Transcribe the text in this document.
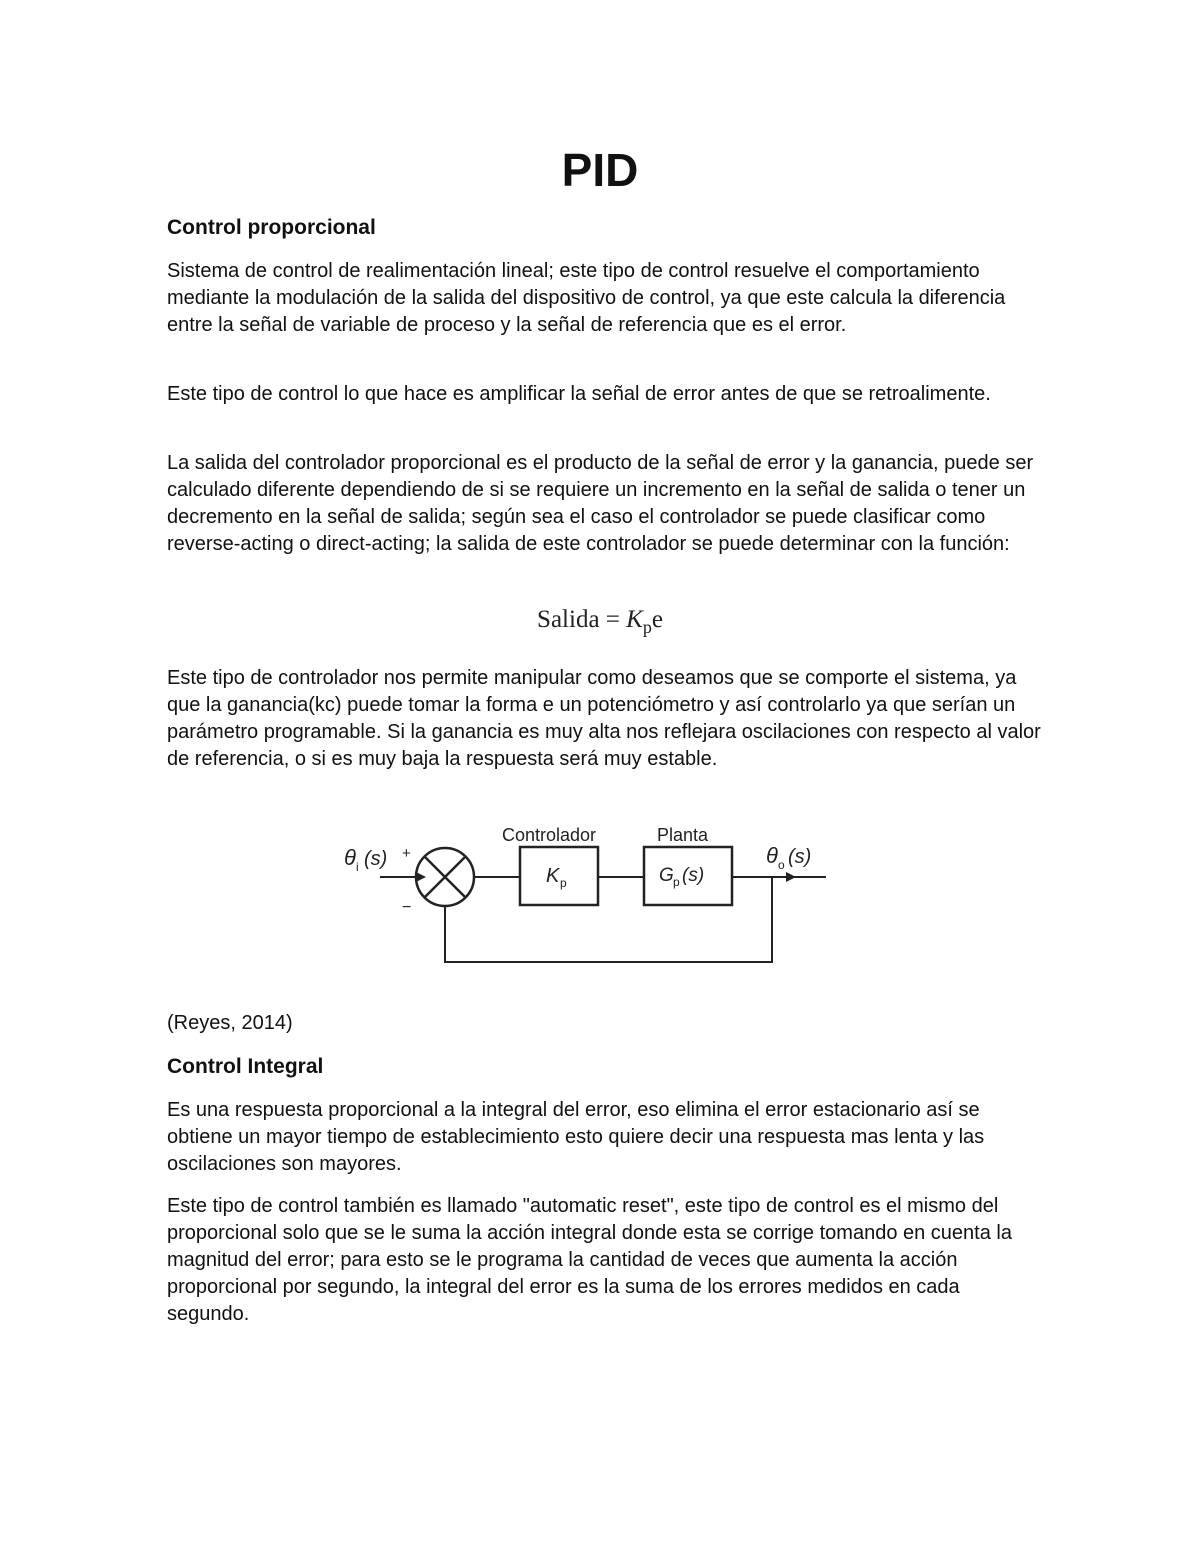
PID
Control proporcional

Sistema de control de realimentación lineal; este tipo de control resuelve el comportamiento mediante la modulación de la salida del dispositivo de control, ya que este calcula la diferencia entre la señal de variable de proceso y la señal de referencia que es el error.

Este tipo de control lo que hace es amplificar la señal de error antes de que se retroalimente.

La salida del controlador proporcional es el producto de la señal de error y la ganancia, puede ser calculado diferente dependiendo de si se requiere un incremento en la señal de salida o tener un decremento en la señal de salida; según sea el caso el controlador se puede clasificar como reverse-acting o direct-acting; la salida de este controlador se puede determinar con la función:

Salida = $K_pe$

Este tipo de controlador nos permite manipular como deseamos que se comporte el sistema, ya que la ganancia(kc) puede tomar la forma e un potenciómetro y así controlarlo ya que serían un parámetro programable. Si la ganancia es muy alta nos reflejara oscilaciones con respecto al valor de referencia, o si es muy baja la respuesta será muy estable.

θ i (s) +
−
Controlador
K p
Planta
G p (s)
θ o (s)
(Reyes, 2014)
Control Integral

Es una respuesta proporcional a la integral del error, eso elimina el error estacionario así se obtiene un mayor tiempo de establecimiento esto quiere decir una respuesta mas lenta y las oscilaciones son mayores.

Este tipo de control también es llamado "automatic reset", este tipo de control es el mismo del proporcional solo que se le suma la acción integral donde esta se corrige tomando en cuenta la magnitud del error; para esto se le programa la cantidad de veces que aumenta la acción proporcional por segundo, la integral del error es la suma de los errores medidos en cada segundo.
